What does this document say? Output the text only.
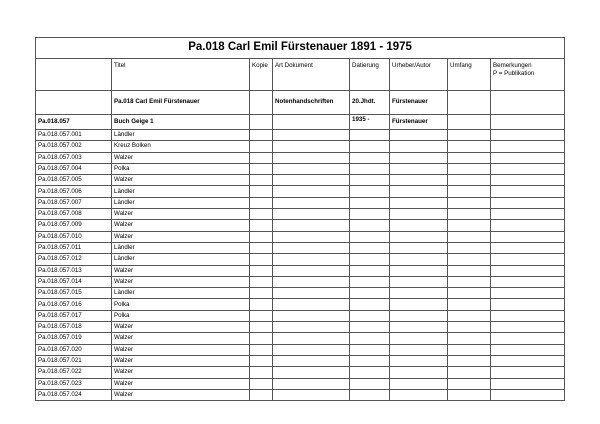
Pa.018 Carl Emil Fürstenauer 1891 - 1975							
	Titel	Kopie	Art Dokument	Datierung	Urheber/Autor	Umfang	Bemerkungen
P = Publikation

	Pa.018 Carl Emil Fürstenauer		Notenhandschriften	20.Jhdt.	Fürstenauer		
Pa.018.057	Buch Geige 1			1935 -	Fürstenauer		
Pa.018.057.001	Ländler						
Pa.018.057.002	Kreuz Bolken						
Pa.018.057.003	Walzer						
Pa.018.057.004	Polka						
Pa.018.057.005	Walzer						
Pa.018.057.006	Ländler						
Pa.018.057.007	Ländler						
Pa.018.057.008	Walzer						
Pa.018.057.009	Walzer						
Pa.018.057.010	Walzer						
Pa.018.057.011	Ländler						
Pa.018.057.012	Ländler						
Pa.018.057.013	Walzer						
Pa.018.057.014	Walzer						
Pa.018.057.015	Ländler						
Pa.018.057.016	Polka						
Pa.018.057.017	Polka						
Pa.018.057.018	Walzer						
Pa.018.057.019	Walzer						
Pa.018.057.020	Walzer						
Pa.018.057.021	Walzer						
Pa.018.057.022	Walzer						
Pa.018.057.023	Walzer						
Pa.018.057.024	Walzer						
